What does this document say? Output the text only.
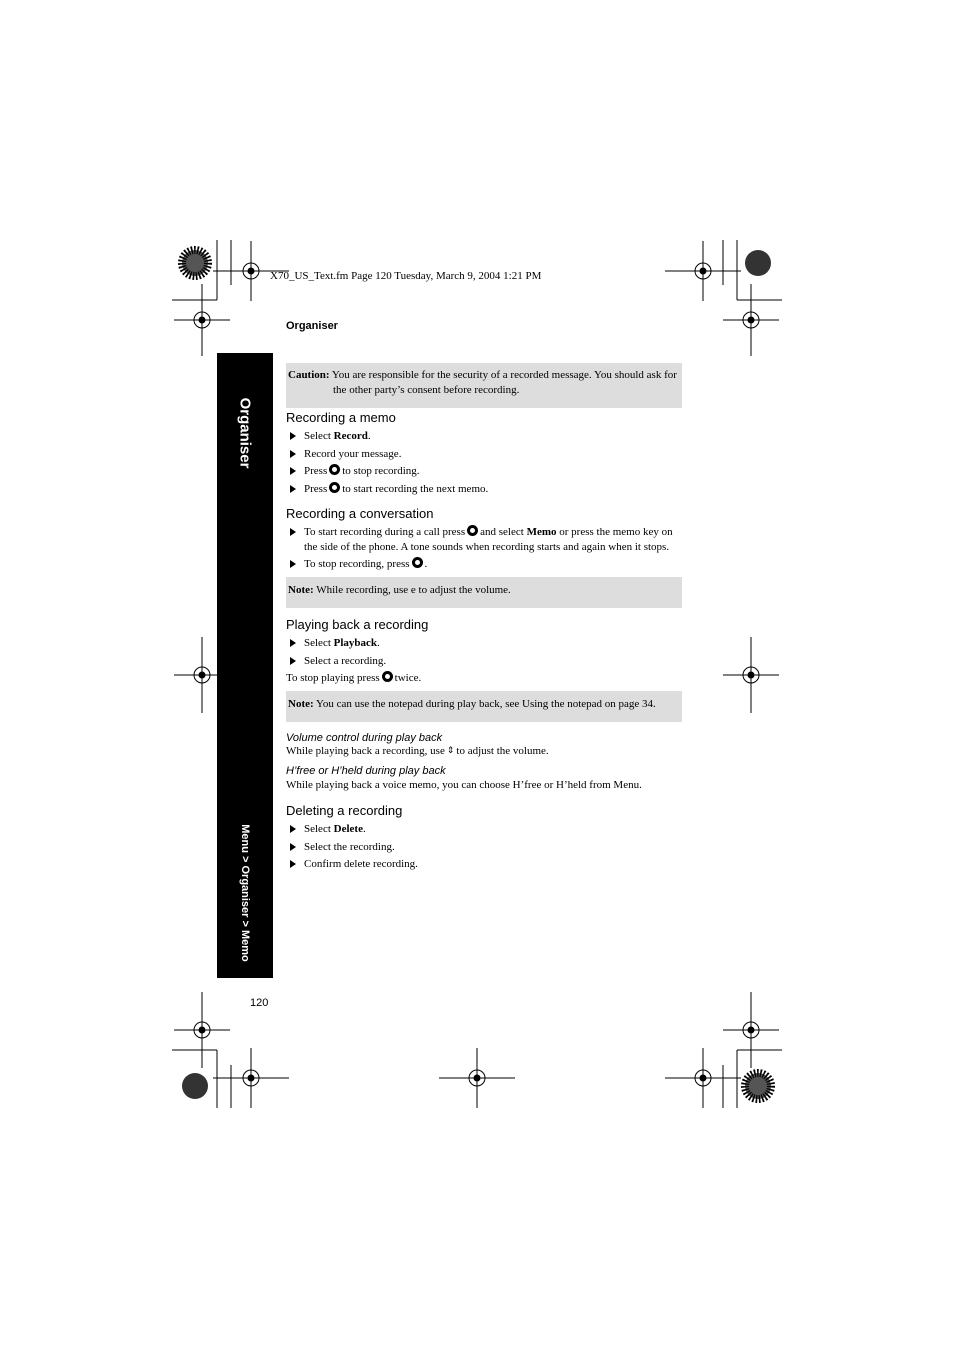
X70_US_Text.fm Page 120 Tuesday, March 9, 2004 1:21 PM
Organiser
Organiser
Menu > Organiser > Memo
Caution: You are responsible for the security of a recorded message. You should ask for
the other party’s consent before recording.
Recording a memo
Select Record.
Record your message.
Press to stop recording.
Press to start recording the next memo.
Recording a conversation
To start recording during a call press and select Memo or press the memo key on
the side of the phone. A tone sounds when recording starts and again when it stops.
To stop recording, press .
Note: While recording, use e to adjust the volume.
Playing back a recording
Select Playback.
Select a recording.
To stop playing press twice.
Note: You can use the notepad during play back, see Using the notepad on page 34.
Volume control during play back
While playing back a recording, use ⇕ to adjust the volume.
H’free or H’held during play back
While playing back a voice memo, you can choose H’free or H’held from Menu.
Deleting a recording
Select Delete.
Select the recording.
Confirm delete recording.
120
